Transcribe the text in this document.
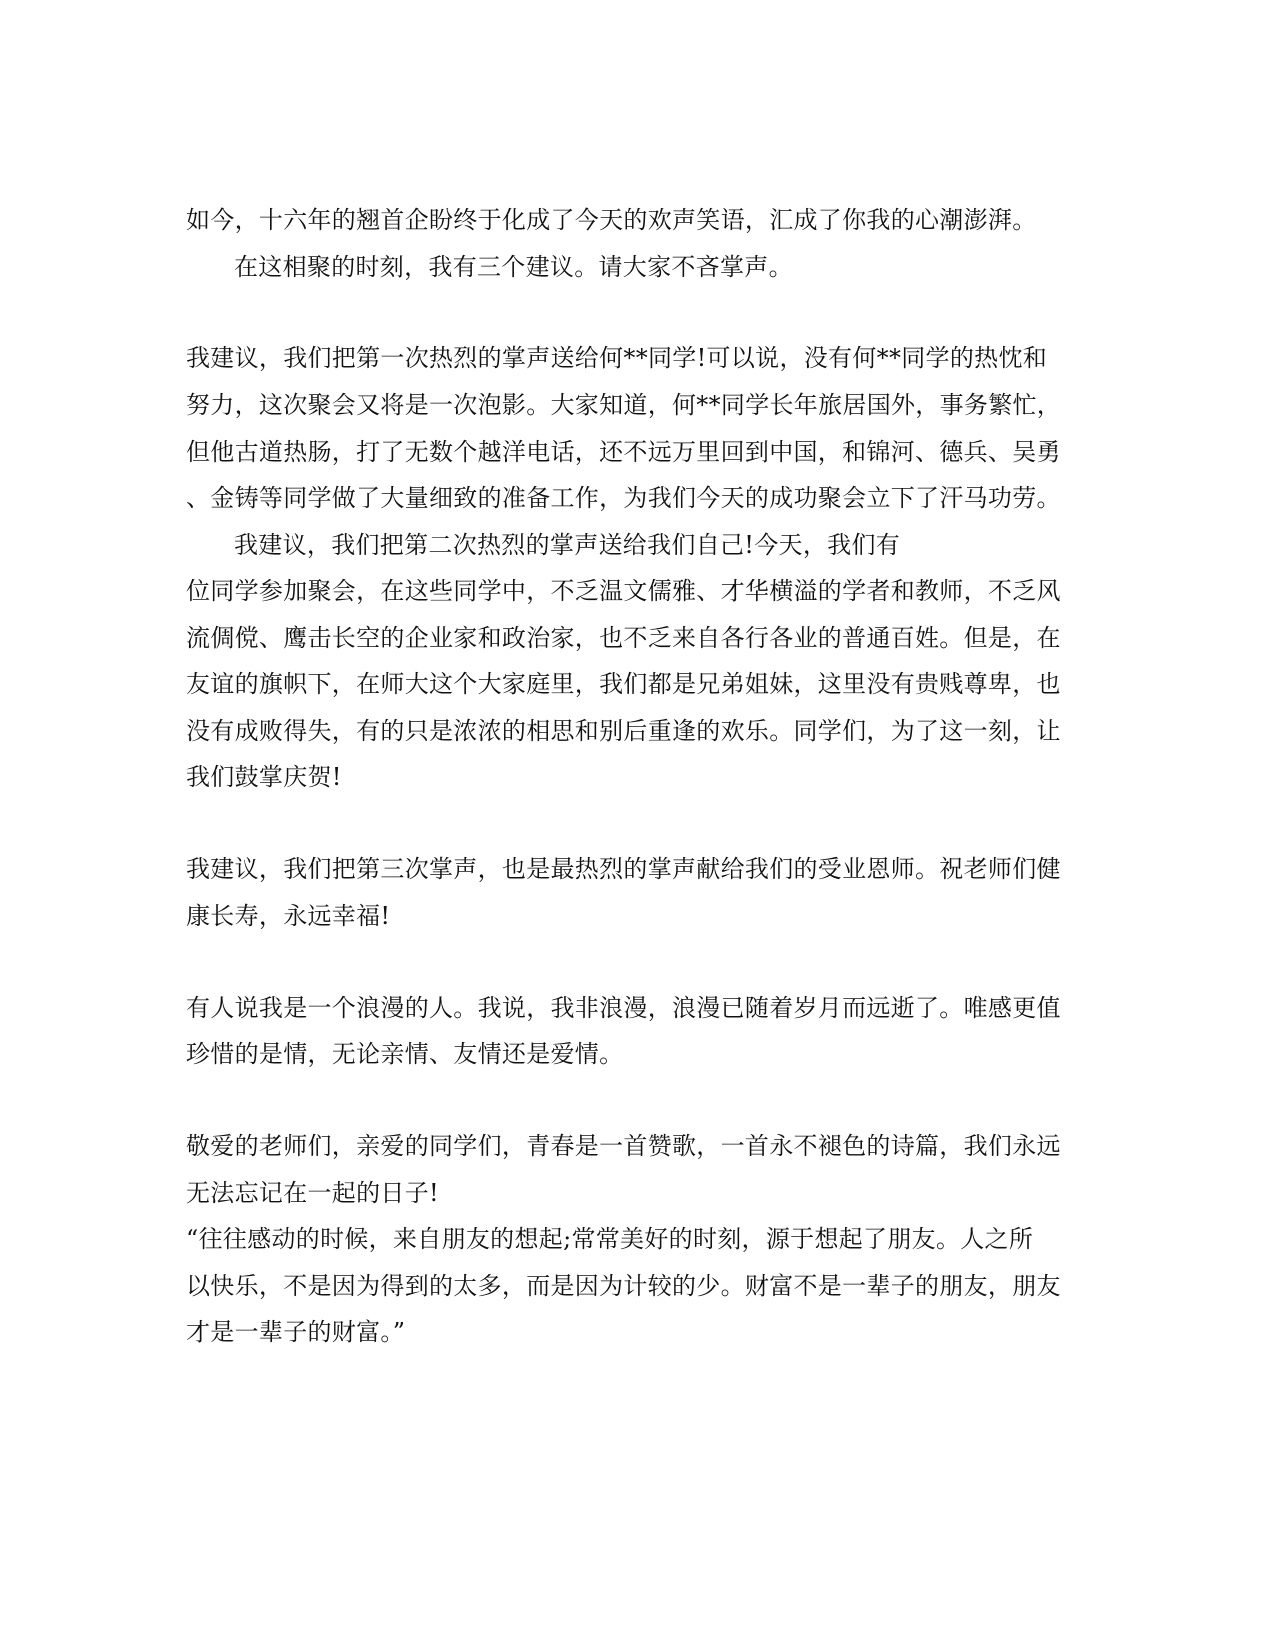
如今，十六年的翘首企盼终于化成了今天的欢声笑语，汇成了你我的心潮澎湃。
在这相聚的时刻，我有三个建议。请大家不吝掌声。
我建议，我们把第一次热烈的掌声送给何**同学!可以说，没有何**同学的热忱和
努力，这次聚会又将是一次泡影。大家知道，何**同学长年旅居国外，事务繁忙，
但他古道热肠，打了无数个越洋电话，还不远万里回到中国，和锦河、德兵、吴勇
、金铸等同学做了大量细致的准备工作，为我们今天的成功聚会立下了汗马功劳。
我建议，我们把第二次热烈的掌声送给我们自己!今天，我们有
位同学参加聚会，在这些同学中，不乏温文儒雅、才华横溢的学者和教师，不乏风
流倜傥、鹰击长空的企业家和政治家，也不乏来自各行各业的普通百姓。但是，在
友谊的旗帜下，在师大这个大家庭里，我们都是兄弟姐妹，这里没有贵贱尊卑，也
没有成败得失，有的只是浓浓的相思和别后重逢的欢乐。同学们，为了这一刻，让
我们鼓掌庆贺!
我建议，我们把第三次掌声，也是最热烈的掌声献给我们的受业恩师。祝老师们健
康长寿，永远幸福!
有人说我是一个浪漫的人。我说，我非浪漫，浪漫已随着岁月而远逝了。唯感更值
珍惜的是情，无论亲情、友情还是爱情。
敬爱的老师们，亲爱的同学们，青春是一首赞歌，一首永不褪色的诗篇，我们永远
无法忘记在一起的日子!
“往往感动的时候，来自朋友的想起;常常美好的时刻，源于想起了朋友。人之所
以快乐，不是因为得到的太多，而是因为计较的少。财富不是一辈子的朋友，朋友
才是一辈子的财富。”
